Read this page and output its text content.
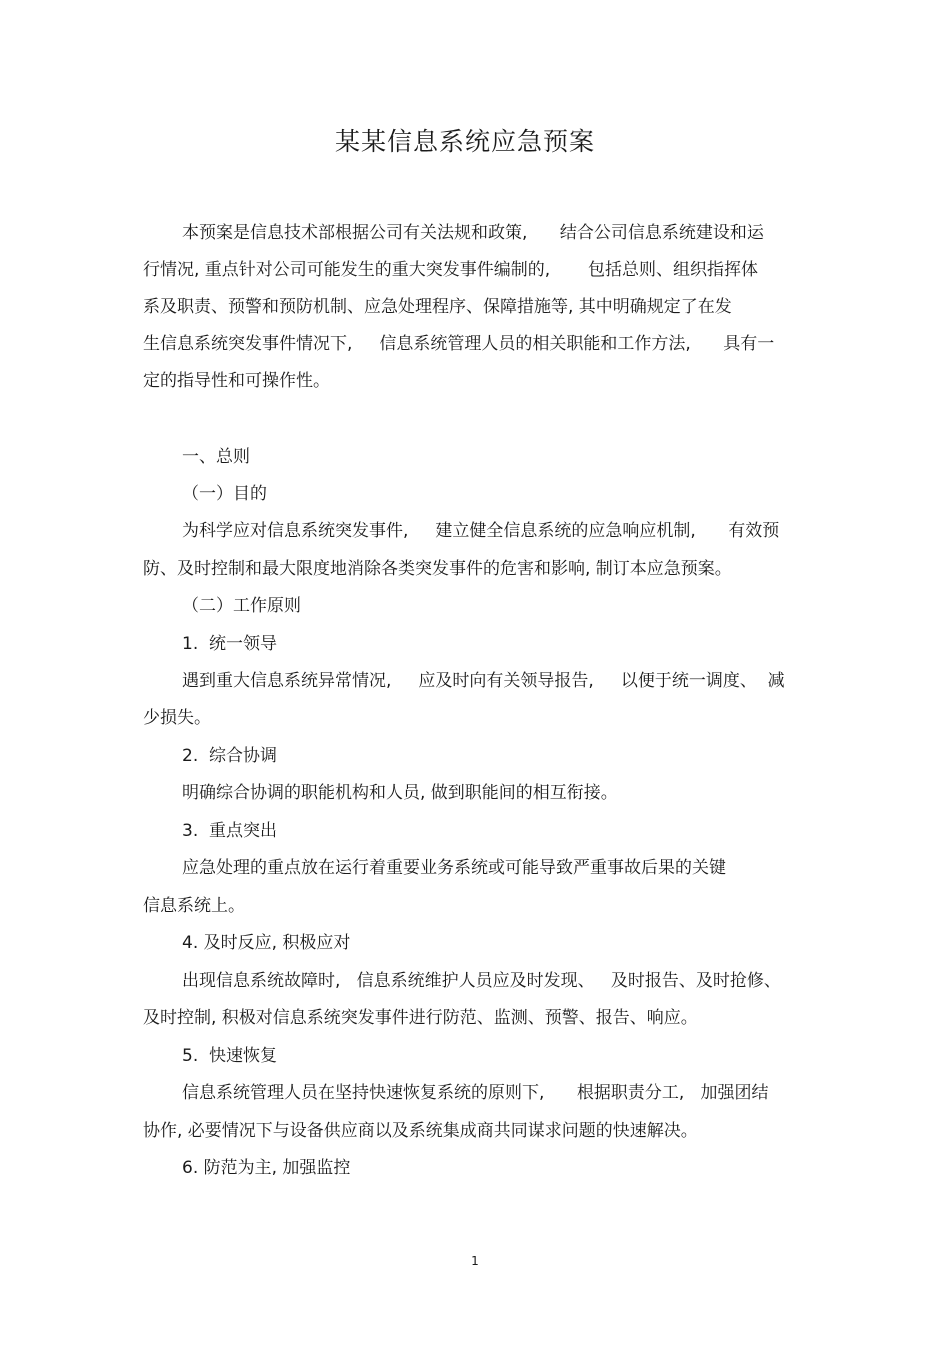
某某信息系统应急预案
本预案是信息技术部根据公司有关法规和政策,      结合公司信息系统建设和运
行情况, 重点针对公司可能发生的重大突发事件编制的,       包括总则、组织指挥体
系及职责、预警和预防机制、应急处理程序、保障措施等, 其中明确规定了在发
生信息系统突发事件情况下,     信息系统管理人员的相关职能和工作方法,      具有一
定的指导性和可操作性。
一、总则
（一）目的
为科学应对信息系统突发事件,     建立健全信息系统的应急响应机制,      有效预
防、及时控制和最大限度地消除各类突发事件的危害和影响, 制订本应急预案。
（二）工作原则
1.  统一领导
遇到重大信息系统异常情况,     应及时向有关领导报告,     以便于统一调度、  减
少损失。
2.  综合协调
明确综合协调的职能机构和人员, 做到职能间的相互衔接。
3.  重点突出
应急处理的重点放在运行着重要业务系统或可能导致严重事故后果的关键
信息系统上。
4. 及时反应, 积极应对
出现信息系统故障时,   信息系统维护人员应及时发现、   及时报告、及时抢修、
及时控制, 积极对信息系统突发事件进行防范、监测、预警、报告、响应。
5.  快速恢复
信息系统管理人员在坚持快速恢复系统的原则下,      根据职责分工,   加强团结
协作, 必要情况下与设备供应商以及系统集成商共同谋求问题的快速解决。
6. 防范为主, 加强监控
1
